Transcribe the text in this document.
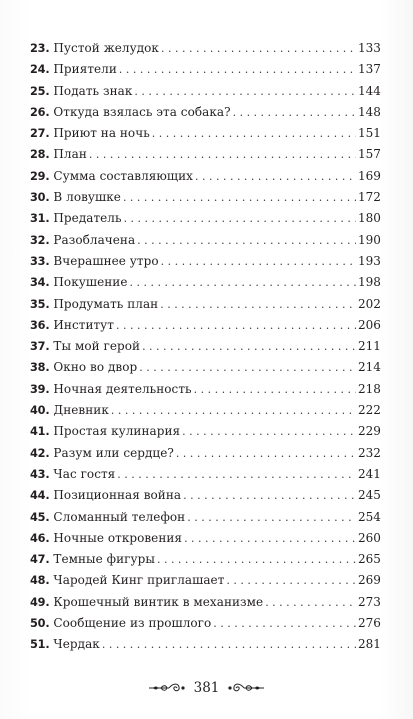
23. Пустой желудок . . .	133
24. Приятели . . .	137
25. Подать знак . . .	144
26. Откуда взялась эта собака? . . .	148
27. Приют на ночь . . .	151
28. План . . .	157
29. Сумма составляющих . . .	169
30. В ловушке . . .	172
31. Предатель . . .	180
32. Разоблачена . . .	190
33. Вчерашнее утро . . .	193
34. Покушение . . .	198
35. Продумать план . . .	202
36. Институт . . .	206
37. Ты мой герой . . .	211
38. Окно во двор . . .	214
39. Ночная деятельность . . .	218
40. Дневник . . .	222
41. Простая кулинария . . .	229
42. Разум или сердце? . . .	232
43. Час гостя . . .	241
44. Позиционная война . . .	245
45. Сломанный телефон . . .	254
46. Ночные откровения . . .	260
47. Темные фигуры . . .	265
48. Чародей Кинг приглашает . . .	269
49. Крошечный винтик в механизме . . .	273
50. Сообщение из прошлого . . .	276
51. Чердак . . .	281
381
